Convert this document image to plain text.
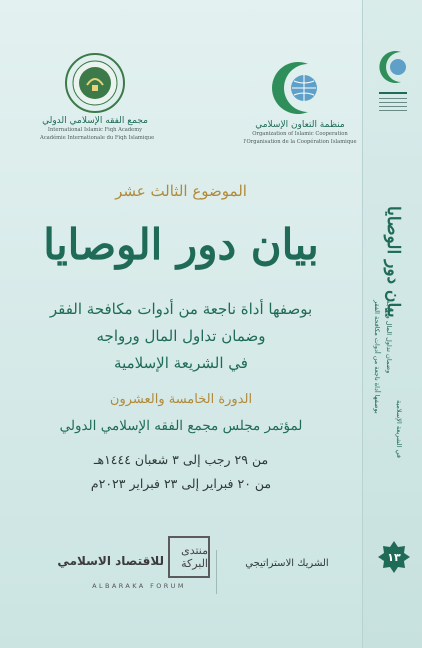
مجمع الفقه الإسلامي الدولي
International Islamic Fiqh Academy
Académie Internationale du Fiqh Islamique
منظمة التعاون الإسلامي
Organization of Islamic Cooperation
l'Organisation de la Coopération Islamique
الموضوع الثالث عشر
بيان دور الوصايا
بوصفها أداة ناجعة من أدوات مكافحة الفقر
وضمان تداول المال ورواجه
في الشريعة الإسلامية
الدورة الخامسة والعشرون
لمؤتمر مجلس مجمع الفقه الإسلامي الدولي
من ٢٩ رجب إلى ٣ شعبان ١٤٤٤هـ
من ٢٠ فبراير إلى ٢٣ فبراير ٢٠٢٣م
منتدى البركة
للاقتصاد الاسلامي
ALBARAKA FORUM
الشريك الاستراتيجي
بيان دور الوصايا
بوصفها أداة ناجعة من أدوات مكافحة الفقر وضمان تداول المال ورواجه
في الشريعة الإسلامية
١٣
